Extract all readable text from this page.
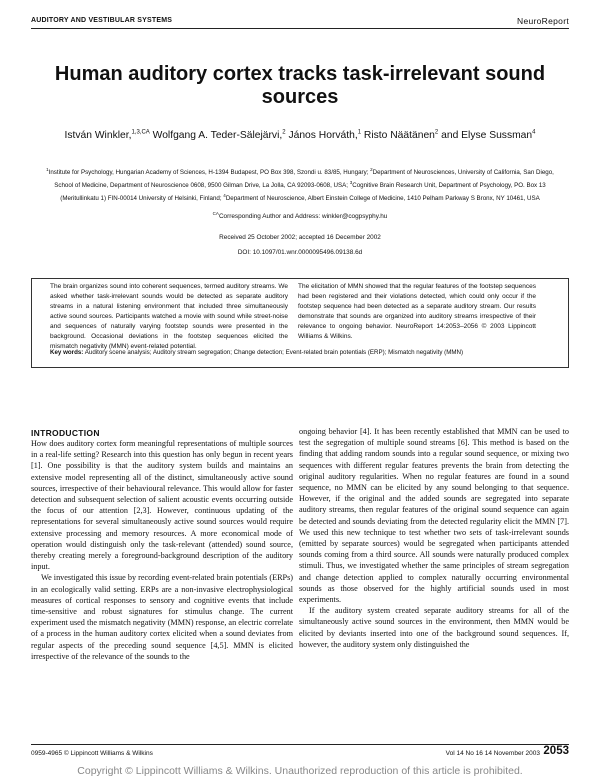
AUDITORY AND VESTIBULAR SYSTEMS	NeuroReport
Human auditory cortex tracks task-irrelevant sound sources
István Winkler,$^{1,3,CA}$ Wolfgang A. Teder-Sälejärvi,$^2$ János Horváth,$^1$ Risto Näätänen$^2$ and Elyse Sussman$^4$
$^1$Institute for Psychology, Hungarian Academy of Sciences, H-1394 Budapest, PO Box 398, Szondi u. 83/85, Hungary; $^2$Department of Neurosciences, University of California, San Diego, School of Medicine, Department of Neuroscience 0608, 9500 Gilman Drive, La Jolla, CA 92093-0608, USA; $^3$Cognitive Brain Research Unit, Department of Psychology, PO. Box 13 (Meritullinkatu 1) FIN-00014 University of Helsinki, Finland; $^4$Department of Neuroscience, Albert Einstein College of Medicine, 1410 Pelham Parkway S Bronx, NY 10461, USA
$^{CA}$Corresponding Author and Address: winkler@cogpsyphy.hu
Received 25 October 2002; accepted 16 December 2002
DOI: 10.1097/01.wnr.0000095496.09138.6d
The brain organizes sound into coherent sequences, termed auditory streams. We asked whether task-irrelevant sounds would be detected as separate auditory streams in a natural listening environment that included three simultaneously active sound sources. Participants watched a movie with sound while street-noise and sequences of naturally varying footstep sounds were presented in the background. Occasional deviations in the footstep sequences elicited the mismatch negativity (MMN) event-related potential.
The elicitation of MMN showed that the regular features of the footstep sequences had been registered and their violations detected, which could only occur if the footstep sequence had been detected as a separate auditory stream. Our results demonstrate that sounds are organized into auditory streams irrespective of their relevance to ongoing behavior. NeuroReport 14:2053–2056 © 2003 Lippincott Williams & Wilkins.
Key words: Auditory scene analysis; Auditory stream segregation; Change detection; Event-related brain potentials (ERP); Mismatch negativity (MMN)
INTRODUCTION

How does auditory cortex form meaningful representations of multiple sources in a real-life setting? Research into this question has only begun in recent years [1]. One possibility is that the auditory system builds and maintains an extensive model representing all of the distinct, simultaneously active sound sources, irrespective of their behavioural relevance. This would allow for faster detection and subsequent selection of salient acoustic events occurring outside the focus of our attention [2,3]. However, continuous updating of the representations for several simultaneously active sound sources would require extensive processing and memory resources. A more economical mode of operation would distinguish only the task-relevant (attended) sound source, thereby creating merely a foreground-background description of the auditory input.

We investigated this issue by recording event-related brain potentials (ERPs) in an ecologically valid setting. ERPs are a non-invasive electrophysiological measures of cortical responses to sensory and cognitive events that include time-sensitive and robust signatures for stimulus change. The current experiment used the mismatch negativity (MMN) response, an electric correlate of a process in the human auditory cortex elicited when a sound deviates from regular aspects of the preceding sound sequence [4,5]. MMN is elicited irrespective of the relevance of the sounds to the

ongoing behavior [4]. It has been recently established that MMN can be used to test the segregation of multiple sound streams [6]. This method is based on the finding that adding random sounds into a regular sound sequence, or mixing two sequences with different regular features prevents the brain from detecting the original auditory regularities. When no regular features are found in a sound sequence, no MMN can be elicited by any sound belonging to that sequence. However, if the original and the added sounds are segregated into separate auditory streams, then regular features of the original sound sequence can again be detected and sounds deviating from the detected regularity elicit the MMN [7]. We used this new technique to test whether two sets of task-irrelevant sounds (emitted by separate sources) would be segregated when participants attended sounds coming from a third source. All sounds were naturally produced complex stimuli. Thus, we investigated whether the same principles of stream segregation and change detection applied to complex naturally occurring environmental sounds as those observed for the highly artificial sounds used in most experiments.

If the auditory system created separate auditory streams for all of the simultaneously active sound sources in the environment, then MMN would be elicited by deviants inserted into one of the background sound sequences. If, however, the auditory system only distinguished the

0959-4965 © Lippincott Williams & Wilkins	Vol 14 No 16 14 November 2003 2053
Copyright © Lippincott Williams & Wilkins. Unauthorized reproduction of this article is prohibited.
